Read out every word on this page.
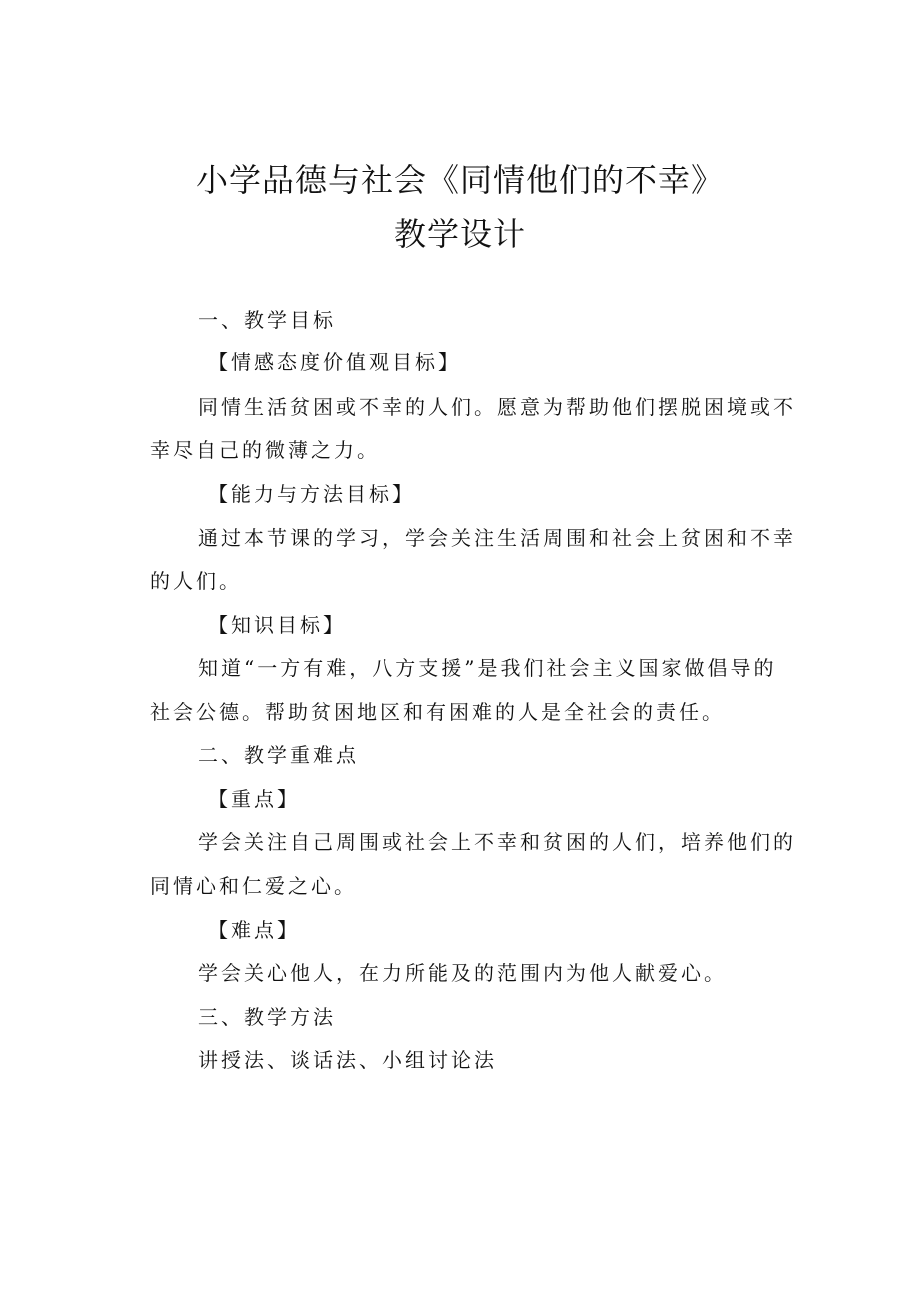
小学品德与社会《同情他们的不幸》
教学设计

一、教学目标

【情感态度价值观目标】

同情生活贫困或不幸的人们。愿意为帮助他们摆脱困境或不

幸尽自己的微薄之力。

【能力与方法目标】

通过本节课的学习，学会关注生活周围和社会上贫困和不幸

的人们。

【知识目标】

知道“一方有难，八方支援”是我们社会主义国家做倡导的

社会公德。帮助贫困地区和有困难的人是全社会的责任。

二、教学重难点

【重点】

学会关注自己周围或社会上不幸和贫困的人们，培养他们的

同情心和仁爱之心。

【难点】

学会关心他人，在力所能及的范围内为他人献爱心。

三、教学方法

讲授法、谈话法、小组讨论法
